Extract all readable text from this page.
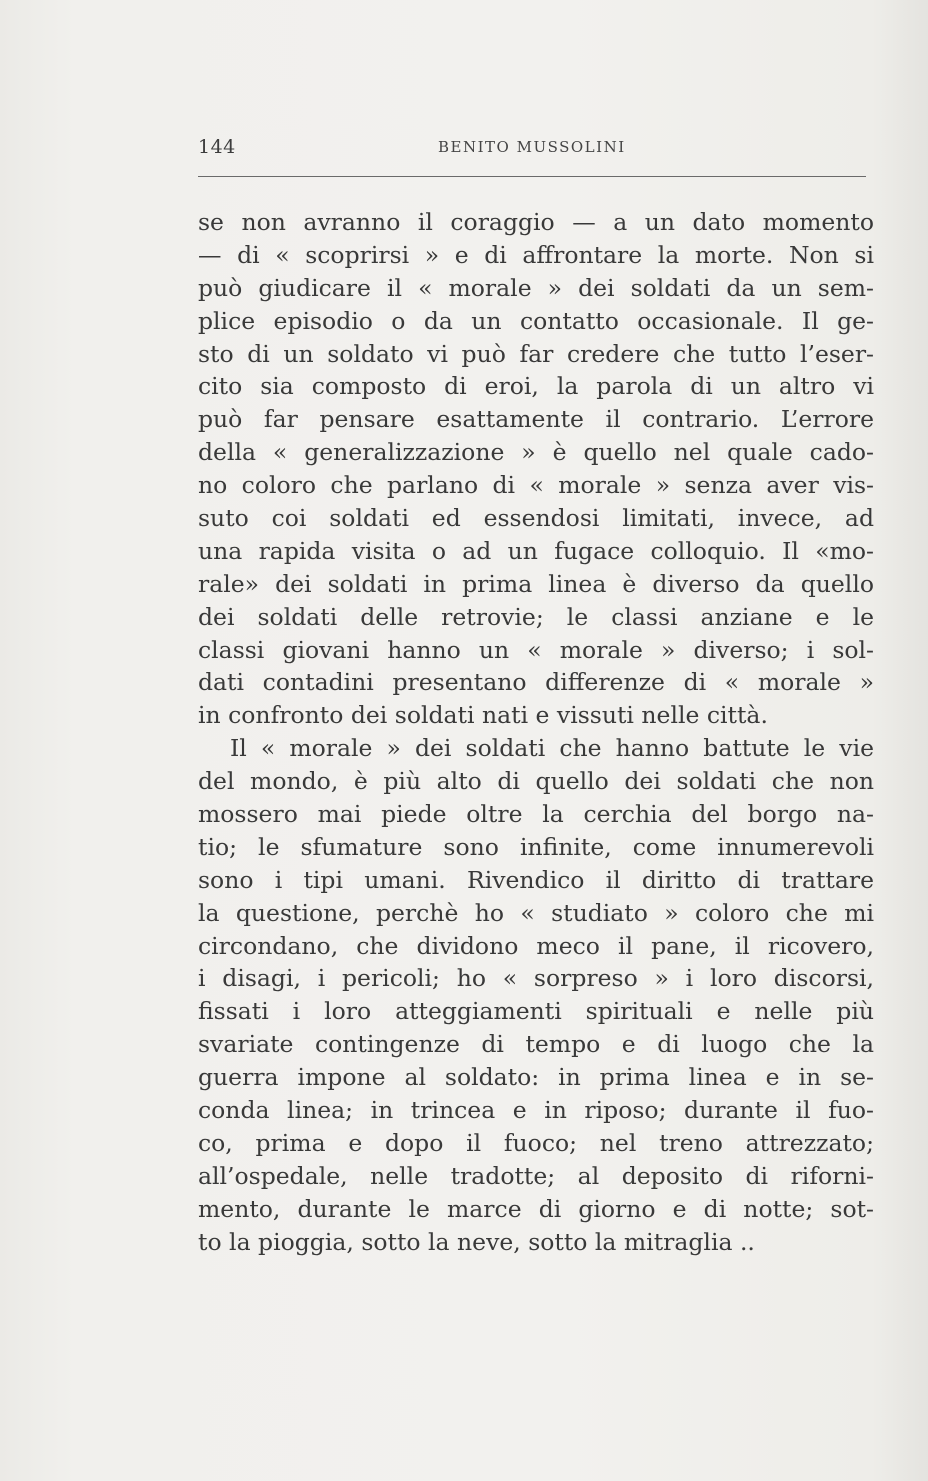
144	BENITO MUSSOLINI
se non avranno il coraggio — a un dato momento
— di « scoprirsi » e di affrontare la morte. Non si
può giudicare il « morale » dei soldati da un sem-
plice episodio o da un contatto occasionale. Il ge-
sto di un soldato vi può far credere che tutto l’eser-
cito sia composto di eroi, la parola di un altro vi
può far pensare esattamente il contrario. L’errore
della « generalizzazione » è quello nel quale cado-
no coloro che parlano di « morale » senza aver vis-
suto coi soldati ed essendosi limitati, invece, ad
una rapida visita o ad un fugace colloquio. Il «mo-
rale» dei soldati in prima linea è diverso da quello
dei soldati delle retrovie; le classi anziane e le
classi giovani hanno un « morale » diverso; i sol-
dati contadini presentano differenze di « morale »
in confronto dei soldati nati e vissuti nelle città.
Il « morale » dei soldati che hanno battute le vie
del mondo, è più alto di quello dei soldati che non
mossero mai piede oltre la cerchia del borgo na-
tio; le sfumature sono infinite, come innumerevoli
sono i tipi umani. Rivendico il diritto di trattare
la questione, perchè ho « studiato » coloro che mi
circondano, che dividono meco il pane, il ricovero,
i disagi, i pericoli; ho « sorpreso » i loro discorsi,
fissati i loro atteggiamenti spirituali e nelle più
svariate contingenze di tempo e di luogo che la
guerra impone al soldato: in prima linea e in se-
conda linea; in trincea e in riposo; durante il fuo-
co, prima e dopo il fuoco; nel treno attrezzato;
all’ospedale, nelle tradotte; al deposito di riforni-
mento, durante le marce di giorno e di notte; sot-
to la pioggia, sotto la neve, sotto la mitraglia ..
